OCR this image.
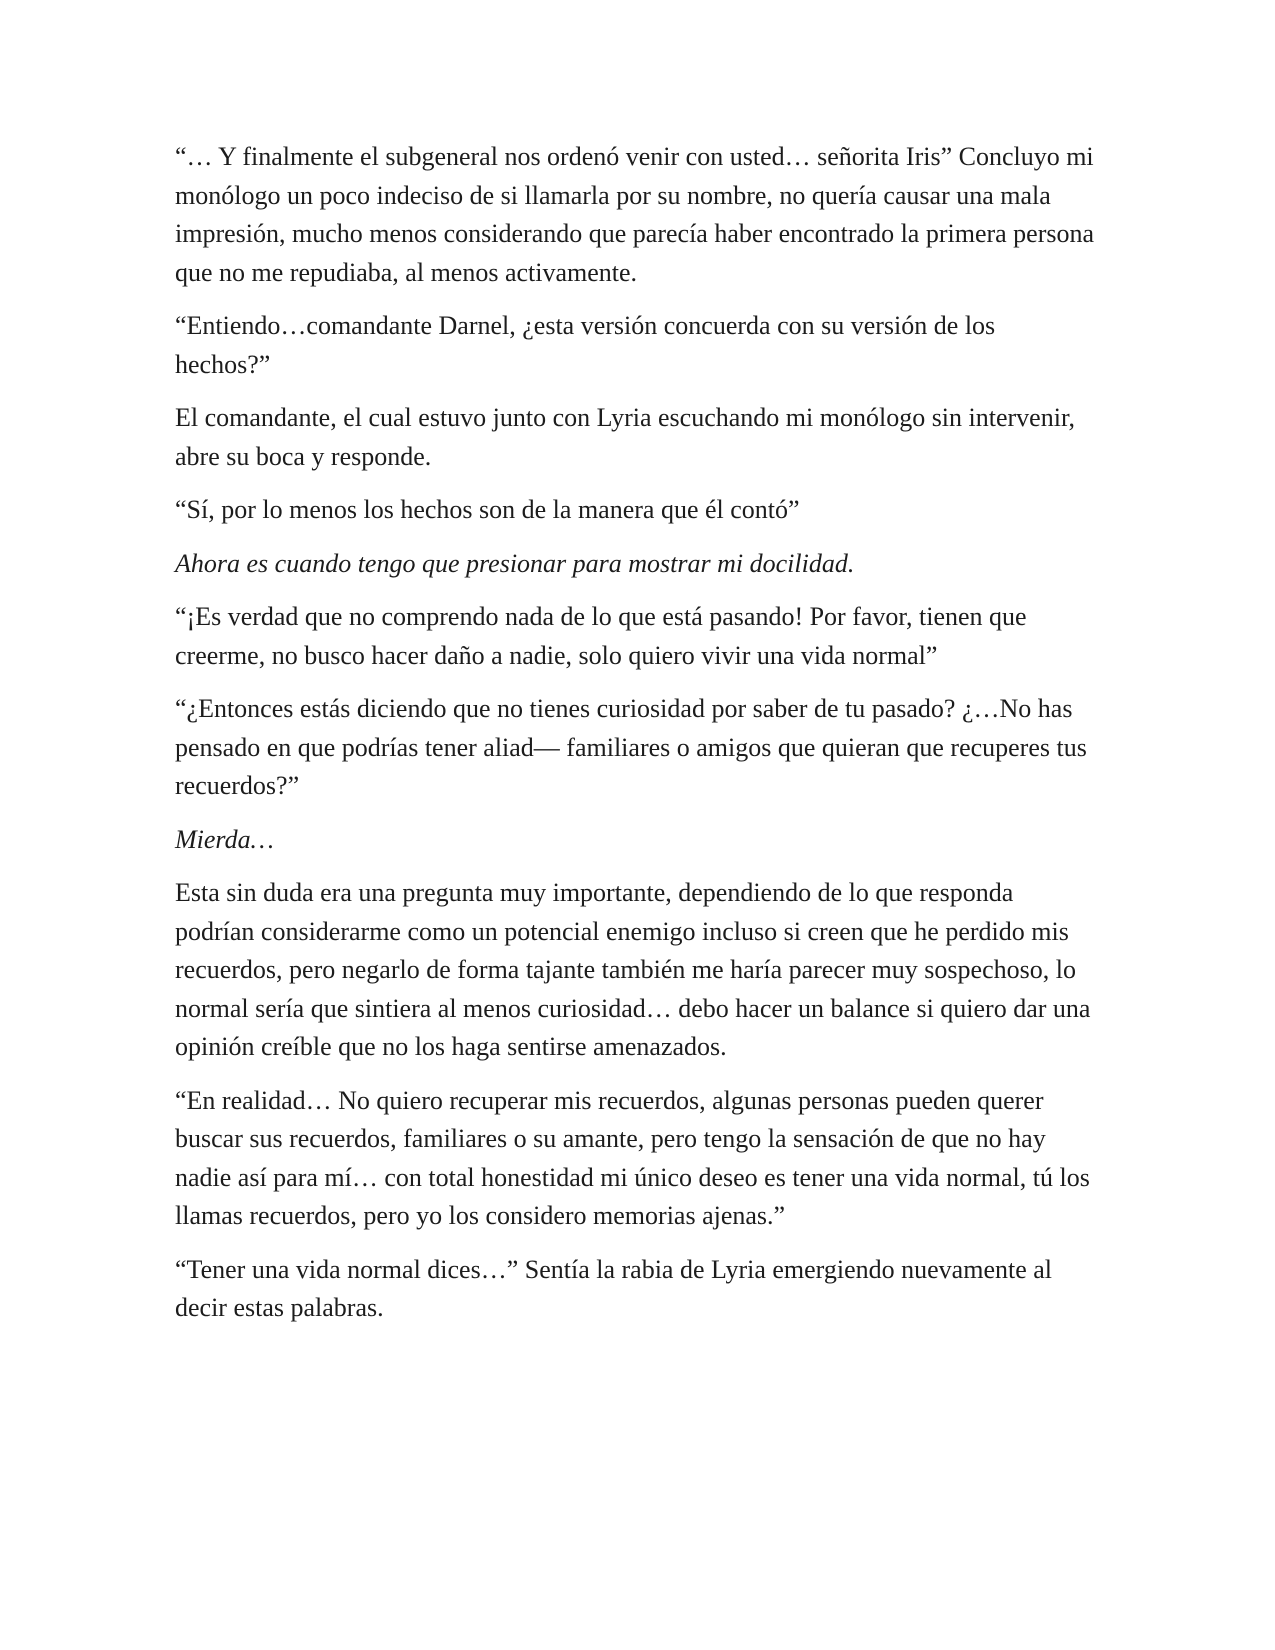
“… Y finalmente el subgeneral nos ordenó venir con usted… señorita Iris” Concluyo mi monólogo un poco indeciso de si llamarla por su nombre, no quería causar una mala impresión, mucho menos considerando que parecía haber encontrado la primera persona que no me repudiaba, al menos activamente.

“Entiendo…comandante Darnel, ¿esta versión concuerda con su versión de los hechos?”

El comandante, el cual estuvo junto con Lyria escuchando mi monólogo sin intervenir, abre su boca y responde.

“Sí, por lo menos los hechos son de la manera que él contó”

Ahora es cuando tengo que presionar para mostrar mi docilidad.

“¡Es verdad que no comprendo nada de lo que está pasando! Por favor, tienen que creerme, no busco hacer daño a nadie, solo quiero vivir una vida normal”

“¿Entonces estás diciendo que no tienes curiosidad por saber de tu pasado? ¿…No has pensado en que podrías tener aliad— familiares o amigos que quieran que recuperes tus recuerdos?”

Mierda…

Esta sin duda era una pregunta muy importante, dependiendo de lo que responda podrían considerarme como un potencial enemigo incluso si creen que he perdido mis recuerdos, pero negarlo de forma tajante también me haría parecer muy sospechoso, lo normal sería que sintiera al menos curiosidad… debo hacer un balance si quiero dar una opinión creíble que no los haga sentirse amenazados.

“En realidad… No quiero recuperar mis recuerdos, algunas personas pueden querer buscar sus recuerdos, familiares o su amante, pero tengo la sensación de que no hay nadie así para mí… con total honestidad mi único deseo es tener una vida normal, tú los llamas recuerdos, pero yo los considero memorias ajenas.”

“Tener una vida normal dices…” Sentía la rabia de Lyria emergiendo nuevamente al decir estas palabras.
